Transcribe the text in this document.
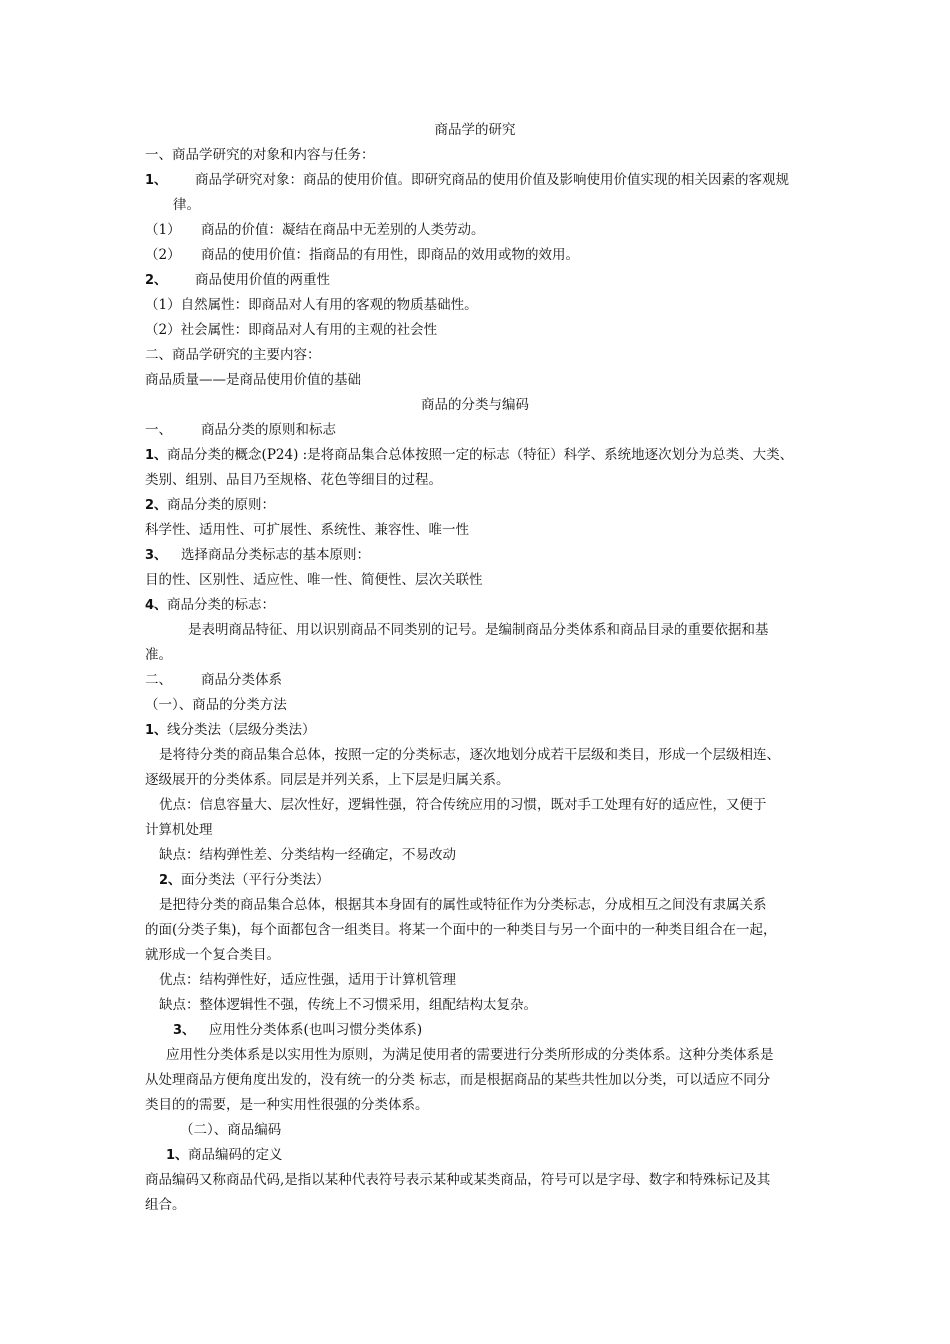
商品学的研究
一、商品学研究的对象和内容与任务：
1、 商品学研究对象：商品的使用价值。即研究商品的使用价值及影响使用价值实现的相关因素的客观规
律。
（1） 商品的价值：凝结在商品中无差别的人类劳动。
（2） 商品的使用价值：指商品的有用性，即商品的效用或物的效用。
2、 商品使用价值的两重性
（1）自然属性：即商品对人有用的客观的物质基础性。
（2）社会属性：即商品对人有用的主观的社会性
二、商品学研究的主要内容：
商品质量——是商品使用价值的基础
商品的分类与编码
一、 商品分类的原则和标志
1、商品分类的概念(P24) :是将商品集合总体按照一定的标志（特征）科学、系统地逐次划分为总类、大类、
类别、组别、品目乃至规格、花色等细目的过程。
2、商品分类的原则：
科学性、适用性、可扩展性、系统性、兼容性、唯一性
3、 选择商品分类标志的基本原则：
目的性、区别性、适应性、唯一性、简便性、层次关联性
4、商品分类的标志：
是表明商品特征、用以识别商品不同类别的记号。是编制商品分类体系和商品目录的重要依据和基
准。
二、 商品分类体系
（一）、商品的分类方法
1、线分类法（层级分类法）
是将待分类的商品集合总体，按照一定的分类标志，逐次地划分成若干层级和类目，形成一个层级相连、
逐级展开的分类体系。同层是并列关系，上下层是归属关系。
优点：信息容量大、层次性好，逻辑性强，符合传统应用的习惯，既对手工处理有好的适应性，又便于
计算机处理
缺点：结构弹性差、分类结构一经确定，不易改动
2、面分类法（平行分类法）
是把待分类的商品集合总体，根据其本身固有的属性或特征作为分类标志，分成相互之间没有隶属关系
的面(分类子集)，每个面都包含一组类目。将某一个面中的一种类目与另一个面中的一种类目组合在一起，
就形成一个复合类目。
优点：结构弹性好，适应性强，适用于计算机管理
缺点：整体逻辑性不强，传统上不习惯采用，组配结构太复杂。
3、 应用性分类体系(也叫习惯分类体系)
应用性分类体系是以实用性为原则，为满足使用者的需要进行分类所形成的分类体系。这种分类体系是
从处理商品方便角度出发的，没有统一的分类 标志，而是根据商品的某些共性加以分类，可以适应不同分
类目的的需要，是一种实用性很强的分类体系。
（二）、商品编码
1、商品编码的定义
商品编码又称商品代码,是指以某种代表符号表示某种或某类商品，符号可以是字母、数字和特殊标记及其
组合。
